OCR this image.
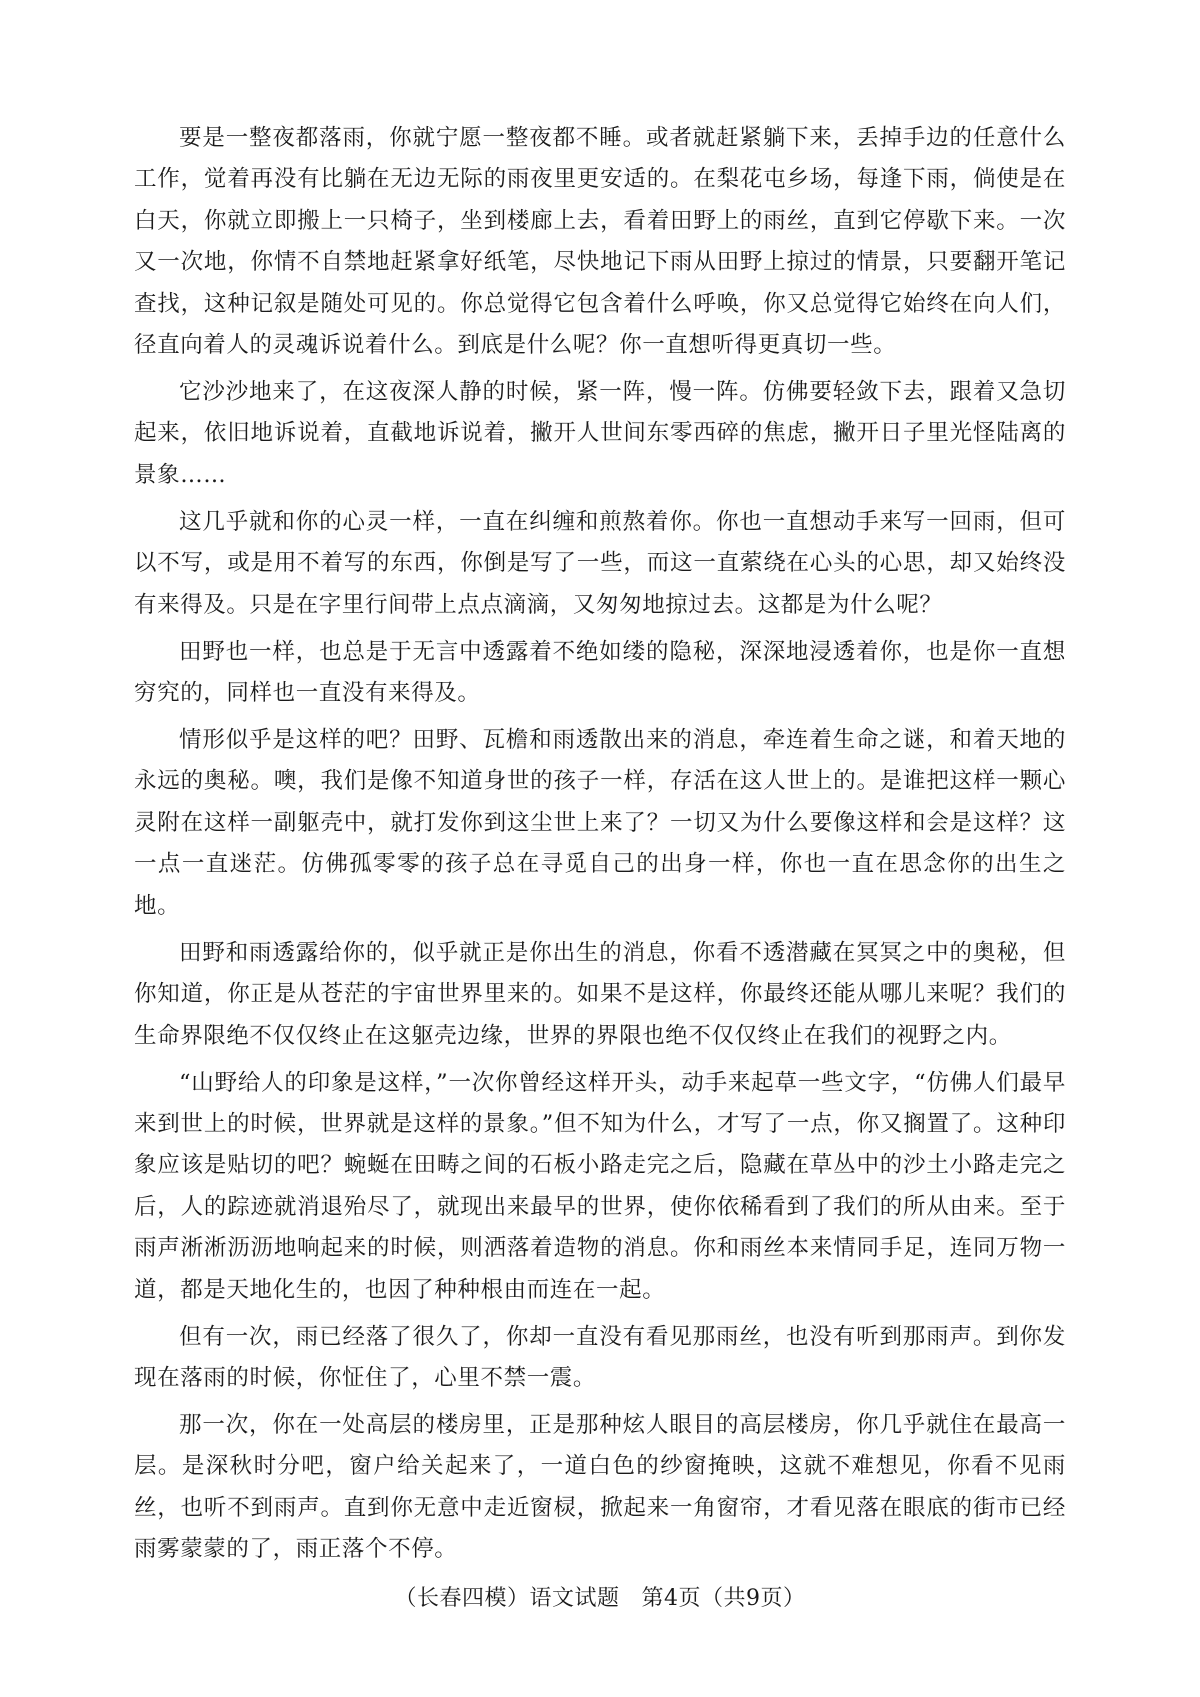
要是一整夜都落雨，你就宁愿一整夜都不睡。或者就赶紧躺下来，丢掉手边的任意什么工作，觉着再没有比躺在无边无际的雨夜里更安适的。在梨花屯乡场，每逢下雨，倘使是在白天，你就立即搬上一只椅子，坐到楼廊上去，看着田野上的雨丝，直到它停歇下来。一次又一次地，你情不自禁地赶紧拿好纸笔，尽快地记下雨从田野上掠过的情景，只要翻开笔记查找，这种记叙是随处可见的。你总觉得它包含着什么呼唤，你又总觉得它始终在向人们，径直向着人的灵魂诉说着什么。到底是什么呢？你一直想听得更真切一些。

它沙沙地来了，在这夜深人静的时候，紧一阵，慢一阵。仿佛要轻敛下去，跟着又急切起来，依旧地诉说着，直截地诉说着，撇开人世间东零西碎的焦虑，撇开日子里光怪陆离的景象……

这几乎就和你的心灵一样，一直在纠缠和煎熬着你。你也一直想动手来写一回雨，但可以不写，或是用不着写的东西，你倒是写了一些，而这一直萦绕在心头的心思，却又始终没有来得及。只是在字里行间带上点点滴滴，又匆匆地掠过去。这都是为什么呢？

田野也一样，也总是于无言中透露着不绝如缕的隐秘，深深地浸透着你，也是你一直想穷究的，同样也一直没有来得及。

情形似乎是这样的吧？田野、瓦檐和雨透散出来的消息，牵连着生命之谜，和着天地的永远的奥秘。噢，我们是像不知道身世的孩子一样，存活在这人世上的。是谁把这样一颗心灵附在这样一副躯壳中，就打发你到这尘世上来了？一切又为什么要像这样和会是这样？这一点一直迷茫。仿佛孤零零的孩子总在寻觅自己的出身一样，你也一直在思念你的出生之地。

田野和雨透露给你的，似乎就正是你出生的消息，你看不透潜藏在冥冥之中的奥秘，但你知道，你正是从苍茫的宇宙世界里来的。如果不是这样，你最终还能从哪儿来呢？我们的生命界限绝不仅仅终止在这躯壳边缘，世界的界限也绝不仅仅终止在我们的视野之内。

“山野给人的印象是这样，”一次你曾经这样开头，动手来起草一些文字，“仿佛人们最早来到世上的时候，世界就是这样的景象。”但不知为什么，才写了一点，你又搁置了。这种印象应该是贴切的吧？蜿蜒在田畴之间的石板小路走完之后，隐藏在草丛中的沙土小路走完之后，人的踪迹就消退殆尽了，就现出来最早的世界，使你依稀看到了我们的所从由来。至于雨声淅淅沥沥地响起来的时候，则洒落着造物的消息。你和雨丝本来情同手足，连同万物一道，都是天地化生的，也因了种种根由而连在一起。

但有一次，雨已经落了很久了，你却一直没有看见那雨丝，也没有听到那雨声。到你发现在落雨的时候，你怔住了，心里不禁一震。

那一次，你在一处高层的楼房里，正是那种炫人眼目的高层楼房，你几乎就住在最高一层。是深秋时分吧，窗户给关起来了，一道白色的纱窗掩映，这就不难想见，你看不见雨丝，也听不到雨声。直到你无意中走近窗棂，掀起来一角窗帘，才看见落在眼底的街市已经雨雾蒙蒙的了，雨正落个不停。

（长春四模）语文试题 第4页（共9页）
